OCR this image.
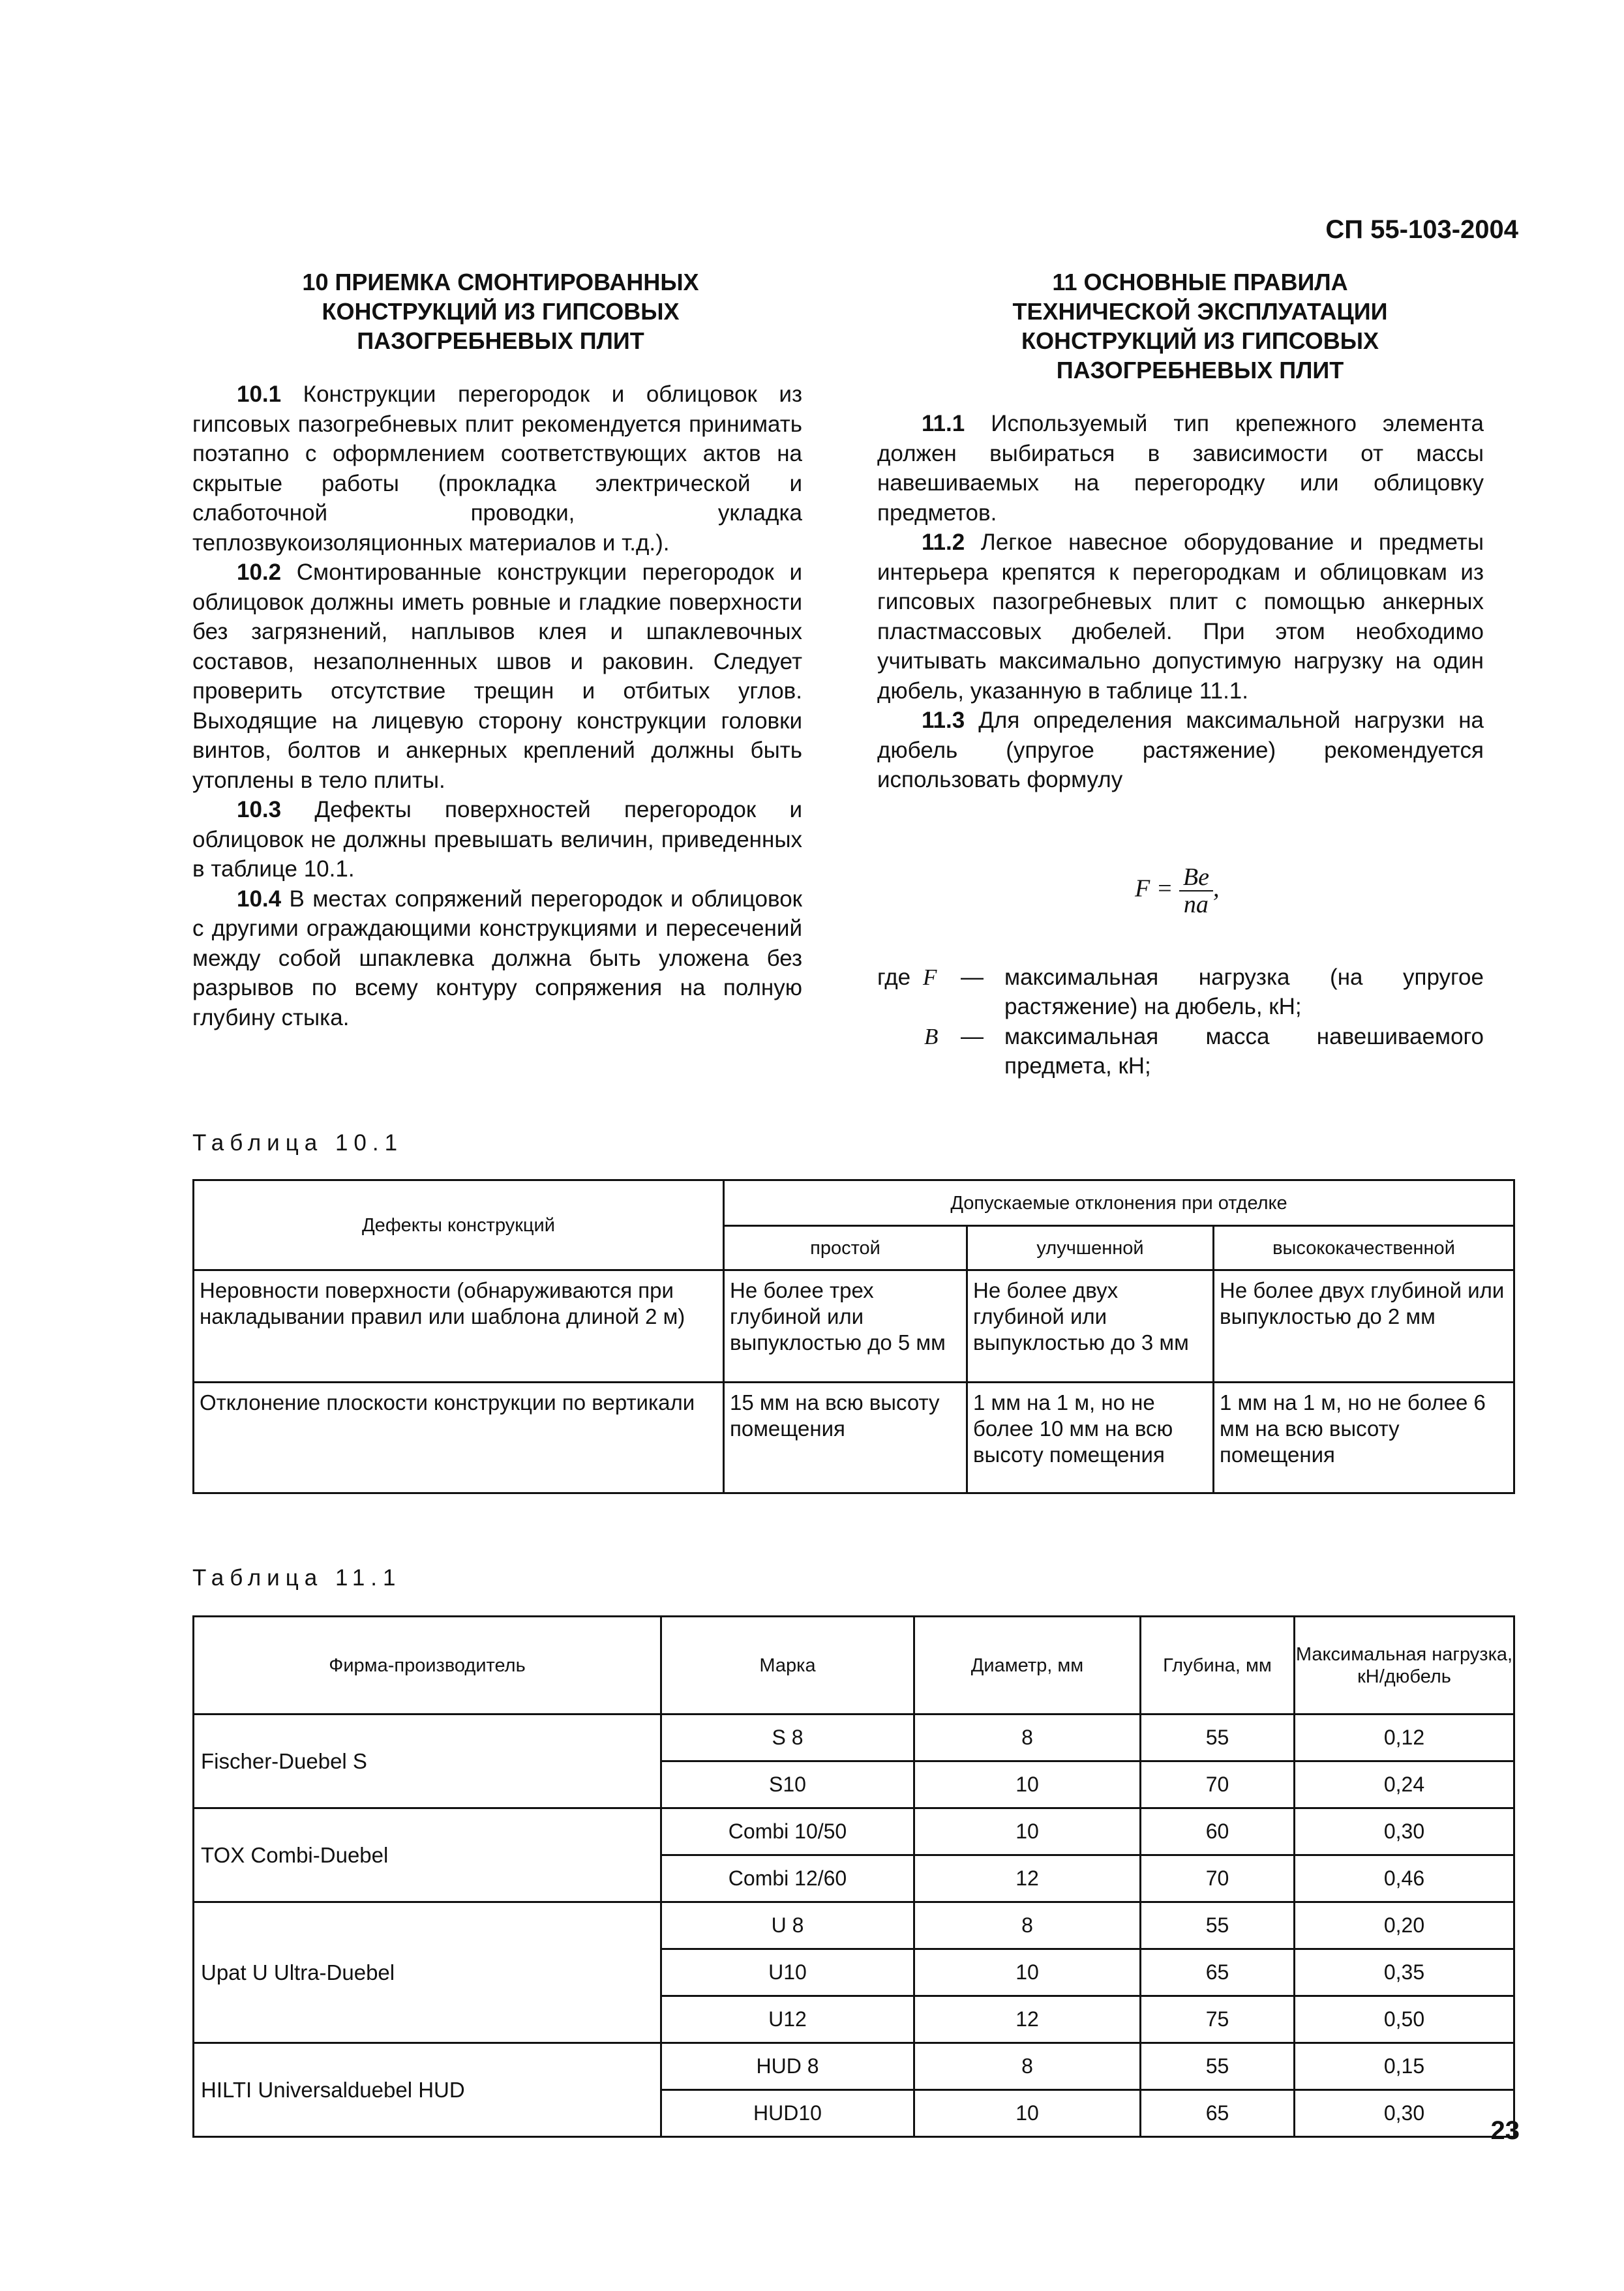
СП 55-103-2004
10 ПРИЕМКА СМОНТИРОВАННЫХ
КОНСТРУКЦИЙ ИЗ ГИПСОВЫХ
ПАЗОГРЕБНЕВЫХ ПЛИТ

10.1 Конструкции перегородок и облицовок из гипсовых пазогребневых плит рекомендуется принимать поэтапно с оформлением соответствующих актов на скрытые работы (прокладка электрической и слаботочной проводки, укладка теплозвукоизоляционных материалов и т.д.).

10.2 Смонтированные конструкции перегородок и облицовок должны иметь ровные и гладкие поверхности без загрязнений, наплывов клея и шпаклевочных составов, незаполненных швов и раковин. Следует проверить отсутствие трещин и отбитых углов. Выходящие на лицевую сторону конструкции головки винтов, болтов и анкерных креплений должны быть утоплены в тело плиты.

10.3 Дефекты поверхностей перегородок и облицовок не должны превышать величин, приведенных в таблице 10.1.

10.4 В местах сопряжений перегородок и облицовок с другими ограждающими конструкциями и пересечений между собой шпаклевка должна быть уложена без разрывов по всему контуру сопряжения на полную глубину стыка.

11 ОСНОВНЫЕ ПРАВИЛА
ТЕХНИЧЕСКОЙ ЭКСПЛУАТАЦИИ
КОНСТРУКЦИЙ ИЗ ГИПСОВЫХ
ПАЗОГРЕБНЕВЫХ ПЛИТ

11.1 Используемый тип крепежного элемента должен выбираться в зависимости от массы навешиваемых на перегородку или облицовку предметов.

11.2 Легкое навесное оборудование и предметы интерьера крепятся к перегородкам и облицовкам из гипсовых пазогребневых плит с помощью анкерных пластмассовых дюбелей. При этом необходимо учитывать максимально допустимую нагрузку на один дюбель, указанную в таблице 11.1.

11.3 Для определения максимальной нагрузки на дюбель (упругое растяжение) рекомендуется использовать формулу

$F = \frac{Be}{na}$ ,
где F — максимальная нагрузка (на упругое
растяжение) на дюбель, кН;
B — максимальная масса навешиваемого
предмета, кН;
Таблица 10.1
Дефекты конструкций	Допускаемые отклонения при отделке		
	простой	улучшенной	высококачественной
Неровности поверхности (обнаруживаются при накладывании правил или шаблона длиной 2 м)	Не более трех глубиной или выпуклостью до 5 мм	Не более двух глубиной или выпуклостью до 3 мм	Не более двух глубиной или выпуклостью до 2 мм
Отклонение плоскости конструкции по вертикали	15 мм на всю высоту помещения	1 мм на 1 м, но не более 10 мм на всю высоту помещения	1 мм на 1 м, но не более 6 мм на всю высоту помещения
Таблица 11.1
Фирма-производитель	Марка	Диаметр, мм	Глубина, мм	Максимальная нагрузка, кН/дюбель
Fischer-Duebel S	S 8	8	55	0,12
	S10	10	70	0,24
TOX Combi-Duebel	Combi 10/50	10	60	0,30
	Combi 12/60	12	70	0,46
Upat U Ultra-Duebel	U 8	8	55	0,20
	U10	10	65	0,35
	U12	12	75	0,50
HILTI Universalduebel HUD	HUD 8	8	55	0,15
	HUD10	10	65	0,30
23
